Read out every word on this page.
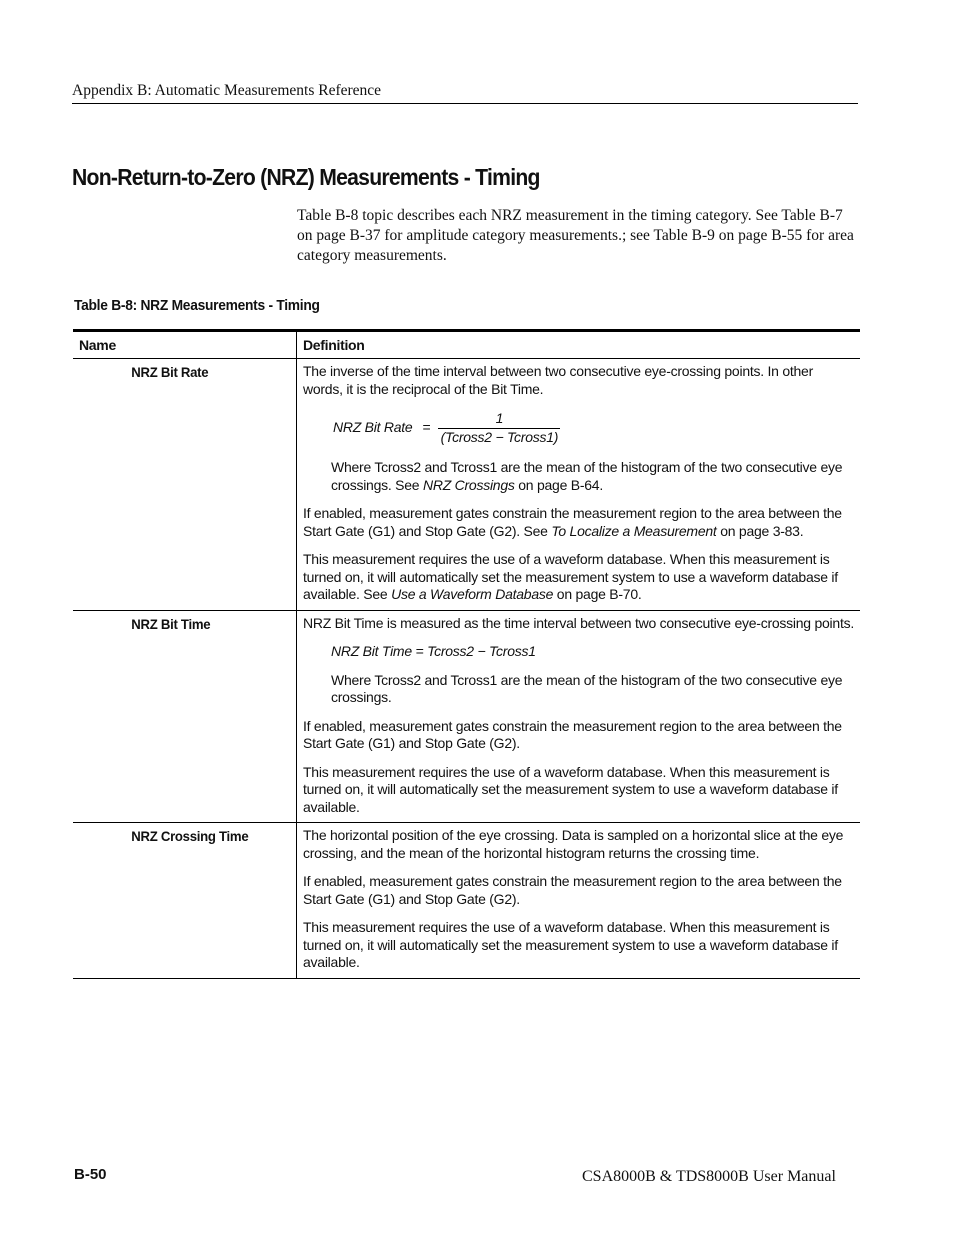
Appendix B: Automatic Measurements Reference
Non-Return-to-Zero (NRZ) Measurements - Timing
Table B-8 topic describes each NRZ measurement in the timing category. See Table B-7 on page B-37 for amplitude category measurements.; see Table B-9 on page B-55 for area category measurements.
Table B-8: NRZ Measurements - Timing
Name	Definition
NRZ Bit Rate	The inverse of the time interval between two consecutive eye-crossing points. In other words, it is the reciprocal of the Bit Time.

NRZ Bit Rate = $\frac{1}{\text{(Tcross2 − Tcross1)}}$

Where Tcross2 and Tcross1 are the mean of the histogram of the two consecutive eye crossings. See NRZ Crossings on page B-64.

If enabled, measurement gates constrain the measurement region to the area between the Start Gate (G1) and Stop Gate (G2). See To Localize a Measurement on page 3-83.

This measurement requires the use of a waveform database. When this measurement is turned on, it will automatically set the measurement system to use a waveform database if available. See Use a Waveform Database on page B-70.

NRZ Bit Time	NRZ Bit Time is measured as the time interval between two consecutive eye-crossing points.

NRZ Bit Time = Tcross2 − Tcross1

Where Tcross2 and Tcross1 are the mean of the histogram of the two consecutive eye crossings.

If enabled, measurement gates constrain the measurement region to the area between the Start Gate (G1) and Stop Gate (G2).

This measurement requires the use of a waveform database. When this measurement is turned on, it will automatically set the measurement system to use a waveform database if available.

NRZ Crossing Time	The horizontal position of the eye crossing. Data is sampled on a horizontal slice at the eye crossing, and the mean of the horizontal histogram returns the crossing time.

If enabled, measurement gates constrain the measurement region to the area between the Start Gate (G1) and Stop Gate (G2).

This measurement requires the use of a waveform database. When this measurement is turned on, it will automatically set the measurement system to use a waveform database if available.

B-50	CSA8000B & TDS8000B User Manual
